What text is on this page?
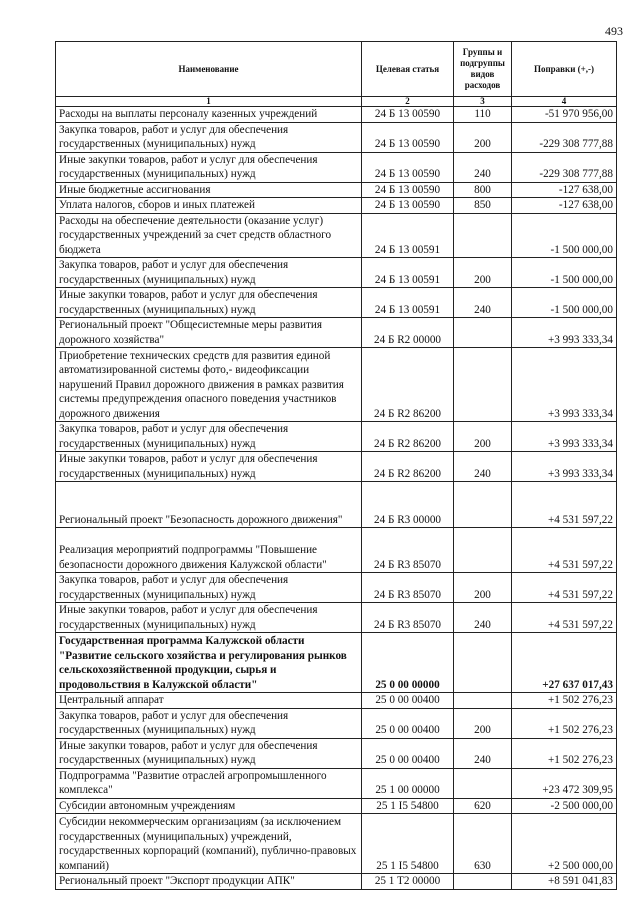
493
Наименование	Целевая статья	Группы и подгруппы видов расходов	Поправки (+,-)
1	2	3	4
Расходы на выплаты персоналу казенных учреждений	24 Б 13 00590	110	-51 970 956,00
Закупка товаров, работ и услуг для обеспечения государственных (муниципальных) нужд	24 Б 13 00590	200	-229 308 777,88
Иные закупки товаров, работ и услуг для обеспечения государственных (муниципальных) нужд	24 Б 13 00590	240	-229 308 777,88
Иные бюджетные ассигнования	24 Б 13 00590	800	-127 638,00
Уплата налогов, сборов и иных платежей	24 Б 13 00590	850	-127 638,00
Расходы на обеспечение деятельности (оказание услуг) государственных учреждений за счет средств областного бюджета	24 Б 13 00591		-1 500 000,00
Закупка товаров, работ и услуг для обеспечения государственных (муниципальных) нужд	24 Б 13 00591	200	-1 500 000,00
Иные закупки товаров, работ и услуг для обеспечения государственных (муниципальных) нужд	24 Б 13 00591	240	-1 500 000,00
Региональный проект "Общесистемные меры развития дорожного хозяйства"	24 Б R2 00000		+3 993 333,34
Приобретение технических средств для развития единой автоматизированной системы фото,- видеофиксации нарушений Правил дорожного движения в рамках развития системы предупреждения опасного поведения участников дорожного движения	24 Б R2 86200		+3 993 333,34
Закупка товаров, работ и услуг для обеспечения государственных (муниципальных) нужд	24 Б R2 86200	200	+3 993 333,34
Иные закупки товаров, работ и услуг для обеспечения государственных (муниципальных) нужд	24 Б R2 86200	240	+3 993 333,34
Региональный проект "Безопасность дорожного движения"	24 Б R3 00000		+4 531 597,22
Реализация мероприятий подпрограммы "Повышение безопасности дорожного движения Калужской области"	24 Б R3 85070		+4 531 597,22
Закупка товаров, работ и услуг для обеспечения государственных (муниципальных) нужд	24 Б R3 85070	200	+4 531 597,22
Иные закупки товаров, работ и услуг для обеспечения государственных (муниципальных) нужд	24 Б R3 85070	240	+4 531 597,22
Государственная программа Калужской области "Развитие сельского хозяйства и регулирования рынков сельскохозяйственной продукции, сырья и продовольствия в Калужской области"	25 0 00 00000		+27 637 017,43
Центральный аппарат	25 0 00 00400		+1 502 276,23
Закупка товаров, работ и услуг для обеспечения государственных (муниципальных) нужд	25 0 00 00400	200	+1 502 276,23
Иные закупки товаров, работ и услуг для обеспечения государственных (муниципальных) нужд	25 0 00 00400	240	+1 502 276,23
Подпрограмма "Развитие отраслей агропромышленного комплекса"	25 1 00 00000		+23 472 309,95
Субсидии автономным учреждениям	25 1 I5 54800	620	-2 500 000,00
Субсидии некоммерческим организациям (за исключением государственных (муниципальных) учреждений, государственных корпораций (компаний), публично-правовых компаний)	25 1 I5 54800	630	+2 500 000,00
Региональный проект "Экспорт продукции АПК"	25 1 T2 00000		+8 591 041,83
